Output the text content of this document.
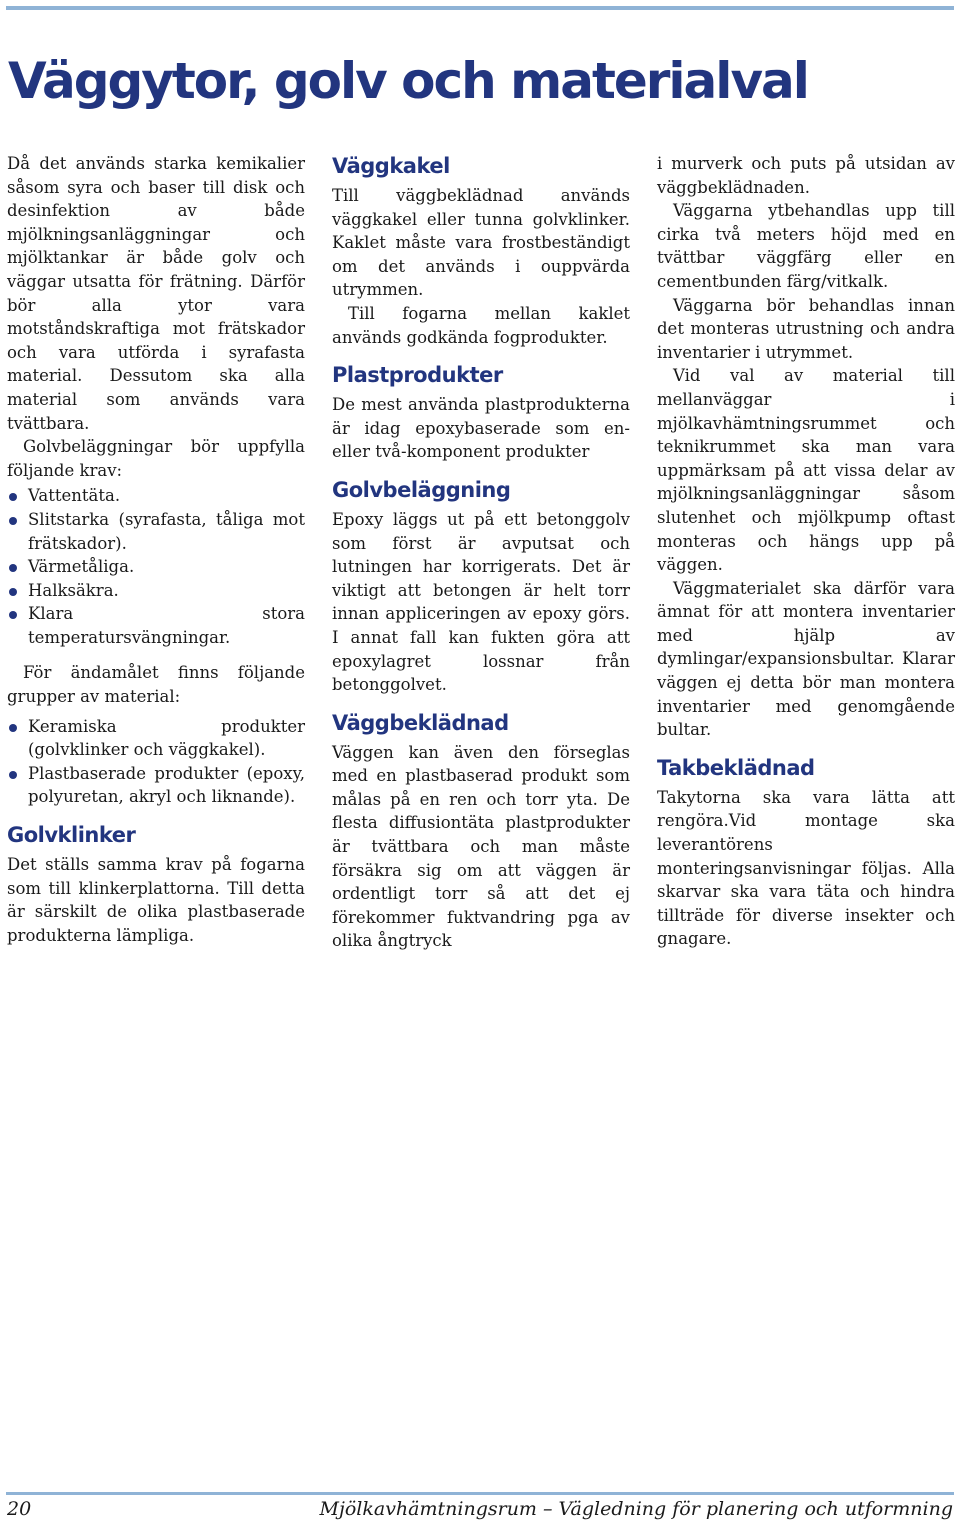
Väggytor, golv och materialval

Då det används starka kemikalier såsom syra och baser till disk och desinfektion av både mjölkningsanläggningar och mjölktankar är både golv och väggar utsatta för frätning. Därför bör alla ytor vara motståndskraftiga mot frätskador och vara utförda i syrafasta material. Dessutom ska alla material som används vara tvättbara.

Golvbeläggningar bör uppfylla följande krav:

Vattentäta.
Slitstarka (syrafasta, tåliga mot frätskador).
Värmetåliga.
Halksäkra.
Klara stora temperatursvängningar.

För ändamålet finns följande grupper av material:

Keramiska produkter (golvklinker och väggkakel).
Plastbaserade produkter (epoxy, polyuretan, akryl och liknande).
Golvklinker

Det ställs samma krav på fogarna som till klinkerplattorna. Till detta är särskilt de olika plastbaserade produkterna lämpliga.

Väggkakel

Till väggbeklädnad används väggkakel eller tunna golvklinker. Kaklet måste vara frostbeständigt om det används i ouppvärda utrymmen.

Till fogarna mellan kaklet används godkända fogprodukter.

Plastprodukter

De mest använda plastprodukterna är idag epoxybaserade som en- eller två-komponent produkter

Golvbeläggning

Epoxy läggs ut på ett betonggolv som först är avputsat och lutningen har korrigerats. Det är viktigt att betongen är helt torr innan appliceringen av epoxy görs. I annat fall kan fukten göra att epoxylagret lossnar från betonggolvet.

Väggbeklädnad

Väggen kan även den förseglas med en plastbaserad produkt som målas på en ren och torr yta. De flesta diffusiontäta plastprodukter är tvättbara och man måste försäkra sig om att väggen är ordentligt torr så att det ej förekommer fuktvandring pga av olika ångtryck

i murverk och puts på utsidan av väggbeklädnaden.

Väggarna ytbehandlas upp till cirka två meters höjd med en tvättbar väggfärg eller en cementbunden färg/vitkalk.

Väggarna bör behandlas innan det monteras utrustning och andra inventarier i utrymmet.

Vid val av material till mellanväggar i mjölkavhämtningsrummet och teknikrummet ska man vara uppmärksam på att vissa delar av mjölkningsanläggningar såsom slutenhet och mjölkpump oftast monteras och hängs upp på väggen.

Väggmaterialet ska därför vara ämnat för att montera inventarier med hjälp av dymlingar/expansionsbultar. Klarar väggen ej detta bör man montera inventarier med genomgående bultar.

Takbeklädnad

Takytorna ska vara lätta att rengöra.Vid montage ska leverantörens monteringsanvisningar följas. Alla skarvar ska vara täta och hindra tillträde för diverse insekter och gnagare.

20	Mjölkavhämtningsrum – Vägledning för planering och utformning
